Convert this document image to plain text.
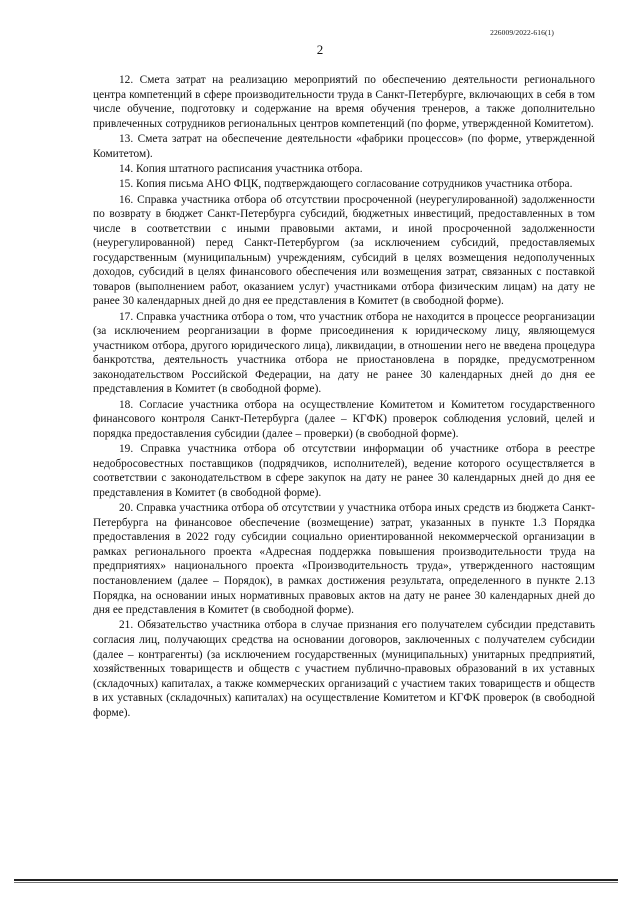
226009/2022-616(1)
2

12. Смета затрат на реализацию мероприятий по обеспечению деятельности регионального центра компетенций в сфере производительности труда в Санкт-Петербурге, включающих в себя в том числе обучение, подготовку и содержание на время обучения тренеров, а также дополнительно привлеченных сотрудников региональных центров компетенций (по форме, утвержденной Комитетом).

13. Смета затрат на обеспечение деятельности «фабрики процессов» (по форме, утвержденной Комитетом).

14. Копия штатного расписания участника отбора.

15. Копия письма АНО ФЦК, подтверждающего согласование сотрудников участника отбора.

16. Справка участника отбора об отсутствии просроченной (неурегулированной) задолженности по возврату в бюджет Санкт-Петербурга субсидий, бюджетных инвестиций, предоставленных в том числе в соответствии с иными правовыми актами, и иной просроченной задолженности (неурегулированной) перед Санкт-Петербургом (за исключением субсидий, предоставляемых государственным (муниципальным) учреждениям, субсидий в целях возмещения недополученных доходов, субсидий в целях финансового обеспечения или возмещения затрат, связанных с поставкой товаров (выполнением работ, оказанием услуг) участниками отбора физическим лицам) на дату не ранее 30 календарных дней до дня ее представления в Комитет (в свободной форме).

17. Справка участника отбора о том, что участник отбора не находится в процессе реорганизации (за исключением реорганизации в форме присоединения к юридическому лицу, являющемуся участником отбора, другого юридического лица), ликвидации, в отношении него не введена процедура банкротства, деятельность участника отбора не приостановлена в порядке, предусмотренном законодательством Российской Федерации, на дату не ранее 30 календарных дней до дня ее представления в Комитет (в свободной форме).

18. Согласие участника отбора на осуществление Комитетом и Комитетом государственного финансового контроля Санкт-Петербурга (далее – КГФК) проверок соблюдения условий, целей и порядка предоставления субсидии (далее – проверки) (в свободной форме).

19. Справка участника отбора об отсутствии информации об участнике отбора в реестре недобросовестных поставщиков (подрядчиков, исполнителей), ведение которого осуществляется в соответствии с законодательством в сфере закупок на дату не ранее 30 календарных дней до дня ее представления в Комитет (в свободной форме).

20. Справка участника отбора об отсутствии у участника отбора иных средств из бюджета Санкт-Петербурга на финансовое обеспечение (возмещение) затрат, указанных в пункте 1.3 Порядка предоставления в 2022 году субсидии социально ориентированной некоммерческой организации в рамках регионального проекта «Адресная поддержка повышения производительности труда на предприятиях» национального проекта «Производительность труда», утвержденного настоящим постановлением (далее – Порядок), в рамках достижения результата, определенного в пункте 2.13 Порядка, на основании иных нормативных правовых актов на дату не ранее 30 календарных дней до дня ее представления в Комитет (в свободной форме).

21. Обязательство участника отбора в случае признания его получателем субсидии представить согласия лиц, получающих средства на основании договоров, заключенных с получателем субсидии (далее – контрагенты) (за исключением государственных (муниципальных) унитарных предприятий, хозяйственных товариществ и обществ с участием публично-правовых образований в их уставных (складочных) капиталах, а также коммерческих организаций с участием таких товариществ и обществ в их уставных (складочных) капиталах) на осуществление Комитетом и КГФК проверок (в свободной форме).
